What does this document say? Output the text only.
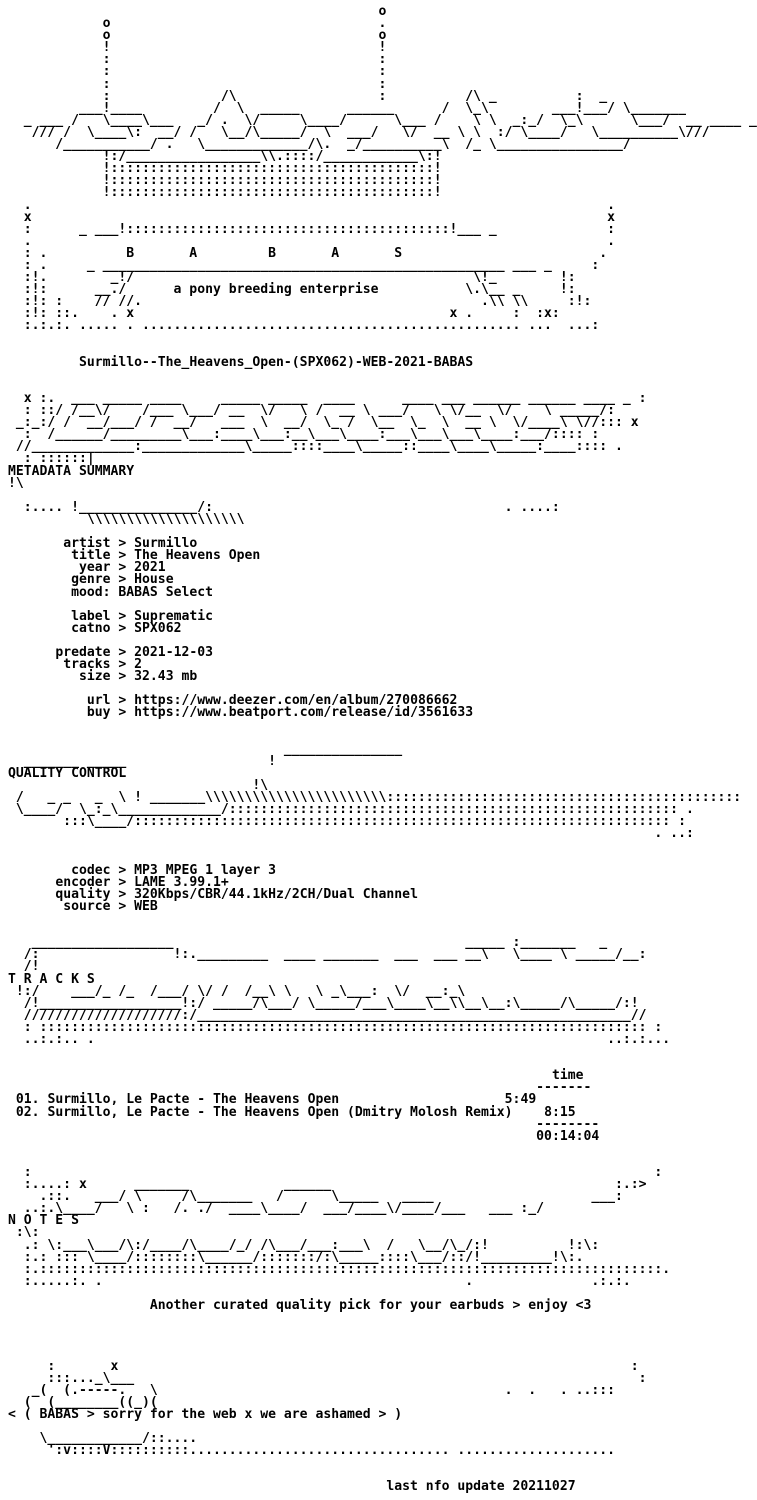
o
o                                  .
o                                  o
!                                  !
:                                  :
:                                  :
:                                  :
:              /\                  :          /\ _          :  _
___!____         /  \  _____      ______      /  \_\        ___!___/ \_______
_ ___ /   \____\___   _/ .  \/     \____/      \___ /    \ \  _:_/  \_\      \___/  __ ____ _
/// /  \____\:  __/ /   \__/\_____/  \  ___/   \/  __ \ \  :/ \____/   \__________\///
/___________/ .   \_____________/\.  _/__________\  /_ \________________/
!:/_________________\\.::::/____________\:!
!:::::::::::::::::::::::::::::::::::::::::!
!:::::::::::::::::::::::::::::::::::::::::!
!:::::::::::::::::::::::::::::::::::::::::!
.                                                                         .
x                                                                         x
:      _ ___!:::::::::::::::::::::::::::::::::::::::::!___ _              :
.                                                                         .
: .          B       A         B       A       S                         .
: .     _ ___________________________________________________ ___ _     :
:!.        _!/                                           \!_        !:
:!:      __./      a pony breeding enterprise           \.\__ _     !:
:!: :    // //.                                           .\\ \\     :!:
:!: ::.    . x                                        x .     :  :x:
:.:.:. ..... . ................................................ ...  ...:

Surmillo--The_Heavens_Open-(SPX062)-WEB-2021-BABAS

x :.  ___ _____ ____     _____ _____  ____      ____ ___ ______ ______ ____ _ :
: ::/ /__\/    /___ \___/ __  \/   \ /  __ \ ___/   \ \/__  \/    \ _____/:
_:_:/ /  __/___/ /  __/   ___  \  __/  \_ /  \__  \_  \  __ \  \/____\ \//::: x
:  /______/_________\___:____\___:__\___\____:___\___\___\____:___/:::: :
//_____________:_____________\_____::::____\_____::____\____\_____:____:::: .
: ::::::|
METADATA SUMMARY
!\

:.... !_______________/:                                     . ....:
\\\\\\\\\\\\\\\\\\\\

artist > Surmillo
title > The Heavens Open
year > 2021
genre > House
mood: BABAS Select

label > Suprematic
catno > SPX062

predate > 2021-12-03
tracks > 2
size > 32.43 mb

url > https://www.deezer.com/en/album/270086662
buy > https://www.beatport.com/release/id/3561633

_______________
_______ _____                  !
QUALITY CONTROL
!\
/   _ _   _  \ ! _______\\\\\\\\\\\\\\\\\\\\\\\:::::::::::::::::::::::::::::::::::::::::::::
\____/  \_:_\_____________/::::::::::::::::::::::::::::::::::::::::::::::::::::::::: .
:::\____/:::::::::::::::::::::::::::::::::::::::::::::::::::::::::::::::::::: :
. ..:

codec > MP3 MPEG 1 layer 3
encoder > LAME 3.99.1+
quality > 320Kbps/CBR/44.1kHz/2CH/Dual Channel
source > WEB

__________________                                     _____ :_______   _
/:                 !:._________  ____ _______  ___  ___ __\   \____ \ _____/__:
/!
T R A C K S
!:/    ___/_ /_  /___/ \/ /  /__\ \   \ _\___:  \/  __:_\
/!__________________!:/ _____/\___/ \_____/___\____\__\\__\__:\_____/\_____/:!
////////////////////:/_______________________________________________________//
: ::::::::::::::::::::::::::::::::::::::::::::::::::::::::::::::::::::::::::::: :
..:.:.. .                                                                 ..:.:...

time
-------
01. Surmillo, Le Pacte - The Heavens Open	5:49
02. Surmillo, Le Pacte - The Heavens Open (Dmitry Molosh Remix) 8:15
--------
00:14:04

:                                                                               :
:....: x      _______            ______                                    :.:>
.::.   ___/ \     /\_______   /      \_____   ____                    ___:
..:.\____/   \ :   /. ./  ____\____/  ___/____\/____/___   ___ :_/
N O T E S
:\:
.: \:___\___/\:/____/\____/_/ /\___/___:___\  /   \__/\_/:!          !:\:
:.: ::: \____/::::::::\______/:::::::/:\_____::::\___/::/!_________!\:.
:.:::::::::::::::::::::::::::::::::::::::::::::::::::::::::::::::::::::::::::::::.
:.....:. .                                              .               .:.:.

Another curated quality pick for your earbuds > enjoy <3

:       x                                                                 :
:::..._\___                                                                :
_(  (.-----.   \                                            .  .   . ..:::
(  (________((_)(
< ( BABAS > sorry for the web x we are ashamed > )

\____________/::....
':v::::V::::::::::................................. ....................

last nfo update 20211027
